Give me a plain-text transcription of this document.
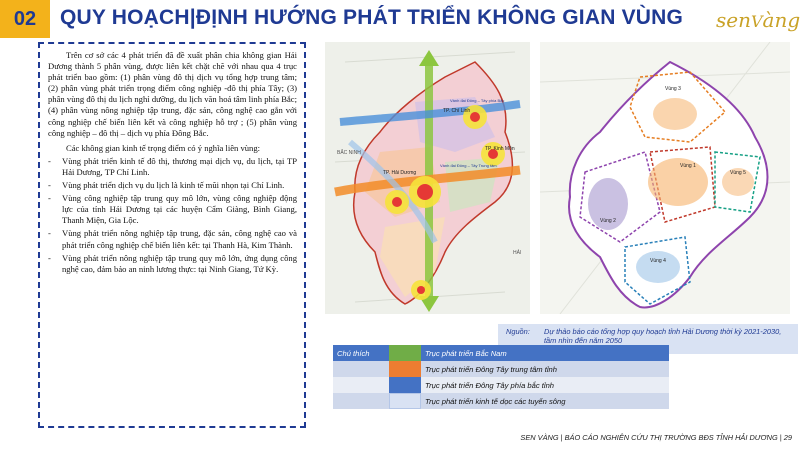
02	QUY HOẠCH|ĐỊNH HƯỚNG PHÁT TRIỂN KHÔNG GIAN VÙNG senVàng

Trên cơ sở các 4 phát triển đã đề xuất phân chia không gian Hải Dương thành 5 phân vùng, được liên kết chặt chẽ với nhau qua 4 trục phát triển bao gồm: (1) phân vùng đô thị dịch vụ tổng hợp trung tâm; (2) phân vùng phát triển trọng điểm công nghiệp -đô thị phía Tây; (3) phân vùng đô thị du lịch nghỉ dưỡng, du lịch văn hoá tâm linh phía Bắc; (4) phân vùng nông nghiệp tập trung, đặc sản, công nghệ cao gắn với công nghiệp chế biến liên kết và công nghiệp hỗ trợ ; (5) phân vùng công nghiệp – đô thị – dịch vụ phía Đông Bắc.

Các không gian kinh tế trọng điểm có ý nghĩa liên vùng:

- Vùng phát triển kinh tế đô thị, thương mại dịch vụ, du lịch, tại TP Hải Dương, TP Chí Linh.
- Vùng phát triển dịch vụ du lịch là kinh tế mũi nhọn tại Chí Linh.
- Vùng công nghiệp tập trung quy mô lớn, vùng công nghiệp động lực của tỉnh Hải Dương tại các huyện Cẩm Giàng, Bình Giang, Thanh Miện, Gia Lộc.
- Vùng phát triển nông nghiệp tập trung, đặc sản, công nghệ cao và phát triển công nghiệp chế biến liên kết: tại Thanh Hà, Kim Thành.
- Vùng phát triển nông nghiệp tập trung quy mô lớn, ứng dụng công nghệ cao, đảm bảo an ninh lương thực: tại Ninh Giang, Tứ Kỳ.
TP. Chí Linh
TP. Kinh Môn
TP. Hải Dương
BẮC NINH
HẢI
Vành đai Đông – Tây phía Bắc
Vành đai Đông – Tây Trung tâm
Vùng 3
Vùng 1
Vùng 2
Vùng 5
Vùng 4
Nguồn: Dự thảo báo cáo tổng hợp quy hoạch tỉnh Hải Dương thời kỳ 2021-2030, tầm nhìn đến năm 2050
Chú thích		Trục phát triển Bắc Nam

	Trục phát triển Đông Tây trung tâm tỉnh

	Trục phát triển Đông Tây phía bắc tỉnh

	Trục phát triển kinh tế dọc các tuyến sông
SEN VÀNG | BÁO CÁO NGHIÊN CỨU THỊ TRƯỜNG BĐS TỈNH HẢI DƯƠNG | 29
